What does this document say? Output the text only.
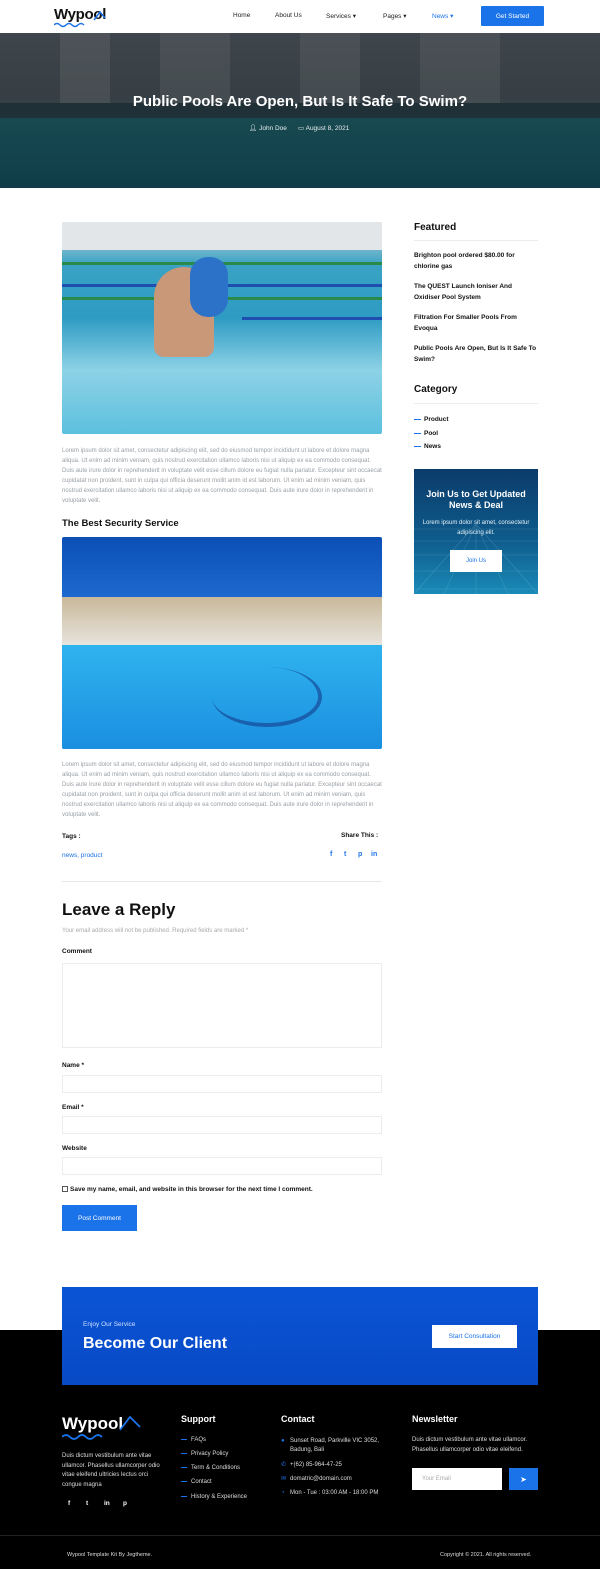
Wypool	Home	About Us	Services ▾	Pages ▾	News ▾	Get Started
Public Pools Are Open, But Is It Safe To Swim?
👤︎ John Doe ▭ August 8, 2021
Lorem ipsum dolor sit amet, consectetur adipiscing elit, sed do eiusmod tempor incididunt ut labore et dolore magna aliqua. Ut enim ad minim veniam, quis nostrud exercitation ullamco laboris nisi ut aliquip ex ea commodo consequat. Duis aute irure dolor in reprehenderit in voluptate velit esse cillum dolore eu fugiat nulla pariatur. Excepteur sint occaecat cupidatat non proident, sunt in culpa qui officia deserunt mollit anim id est laborum. Ut enim ad minim veniam, quis nostrud exercitation ullamco laboris nisi ut aliquip ex ea commodo consequat. Duis aute irure dolor in reprehenderit in voluptate velit.
The Best Security Service
Lorem ipsum dolor sit amet, consectetur adipiscing elit, sed do eiusmod tempor incididunt ut labore et dolore magna aliqua. Ut enim ad minim veniam, quis nostrud exercitation ullamco laboris nisi ut aliquip ex ea commodo consequat. Duis aute irure dolor in reprehenderit in voluptate velit esse cillum dolore eu fugiat nulla pariatur. Excepteur sint occaecat cupidatat non proident, sunt in culpa qui officia deserunt mollit anim id est laborum. Ut enim ad minim veniam, quis nostrud exercitation ullamco laboris nisi ut aliquip ex ea commodo consequat. Duis aute irure dolor in reprehenderit in voluptate velit.
Tags :
news, product
Share This :
f t p in
Leave a Reply
Your email address will not be published. Required fields are marked *
Comment
Name *
Email *
Website
Save my name, email, and website in this browser for the next time I comment.
Post Comment
Featured
Brighton pool ordered $80.00 for chlorine gas
The QUEST Launch Ioniser And Oxidiser Pool System
Filtration For Smaller Pools From Evoqua
Public Pools Are Open, But Is It Safe To Swim?
Category
Product
Pool
News
Join Us to Get Updated News & Deal
Lorem ipsum dolor sit amet, consectetur adipiscing elit.
Join Us
Enjoy Our Service
Become Our Client	Start Consultation
Wypool
Duis dictum vestibulum ante vitae ullamcor. Phasellus ullamcorper odio vitae eleifend ultricies lectus orci congue magna
f t in p
Support
FAQs
Privacy Policy
Term & Conditions
Contact
History & Experience
Contact
● Sunset Road, Parkville VIC 3052, Badung, Bali
✆ +(62) 85-964-47-25
✉ domatric@domain.com
◔ Mon - Tue : 03:00 AM - 18:00 PM
Newsletter
Duis dictum vestibulum ante vitae ullamcor. Phasellus ullamcorper odio vitae eleifend.
Your Email	➤
Wypool Template Kit By Jegtheme.	Copyright © 2021. All rights reserved.
